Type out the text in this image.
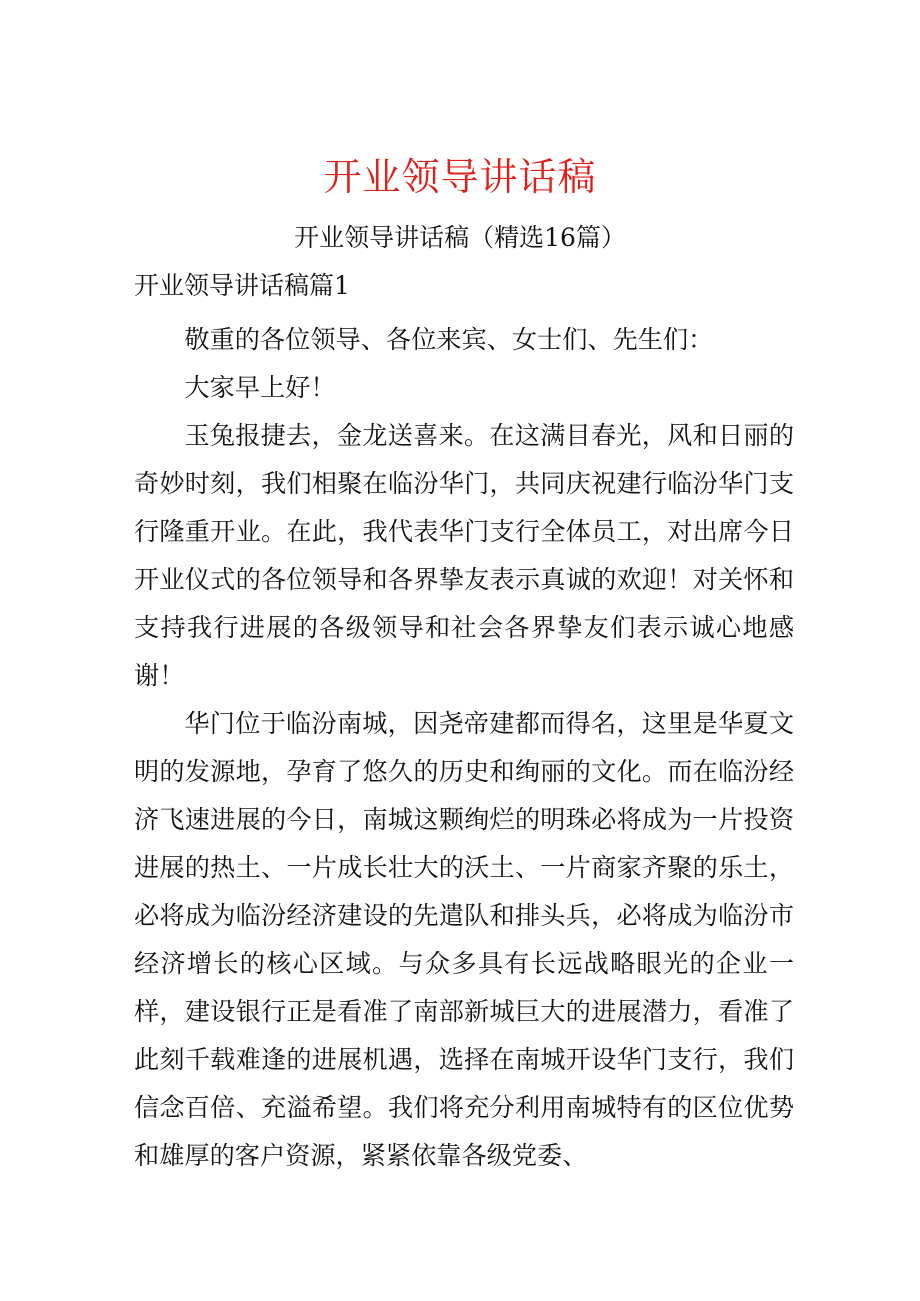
开业领导讲话稿
开业领导讲话稿（精选16篇）
开业领导讲话稿篇1

敬重的各位领导、各位来宾、女士们、先生们：

大家早上好！

玉兔报捷去，金龙送喜来。在这满目春光，风和日丽的奇妙时刻，我们相聚在临汾华门，共同庆祝建行临汾华门支行隆重开业。在此，我代表华门支行全体员工，对出席今日开业仪式的各位领导和各界挚友表示真诚的欢迎！对关怀和支持我行进展的各级领导和社会各界挚友们表示诚心地感谢！

华门位于临汾南城，因尧帝建都而得名，这里是华夏文明的发源地，孕育了悠久的历史和绚丽的文化。而在临汾经济飞速进展的今日，南城这颗绚烂的明珠必将成为一片投资进展的热土、一片成长壮大的沃土、一片商家齐聚的乐土，必将成为临汾经济建设的先遣队和排头兵，必将成为临汾市经济增长的核心区域。与众多具有长远战略眼光的企业一样，建设银行正是看准了南部新城巨大的进展潜力，看准了此刻千载难逢的进展机遇，选择在南城开设华门支行，我们信念百倍、充溢希望。我们将充分利用南城特有的区位优势和雄厚的客户资源，紧紧依靠各级党委、
